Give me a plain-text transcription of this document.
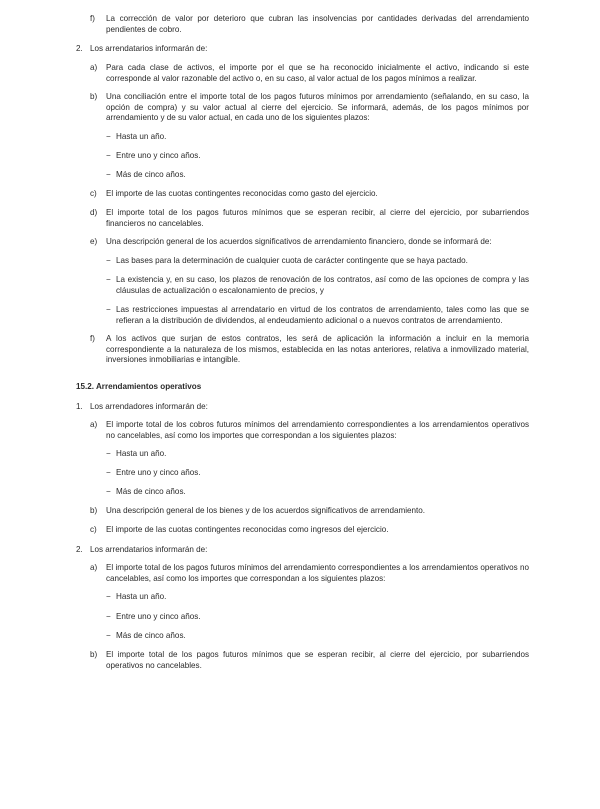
f)	La corrección de valor por deterioro que cubran las insolvencias por cantidades derivadas del arrendamiento pendientes de cobro.
2. Los arrendatarios informarán de:
a)	Para cada clase de activos, el importe por el que se ha reconocido inicialmente el activo, indicando si este corresponde al valor razonable del activo o, en su caso, al valor actual de los pagos mínimos a realizar.
b)	Una conciliación entre el importe total de los pagos futuros mínimos por arrendamiento (señalando, en su caso, la opción de compra) y su valor actual al cierre del ejercicio. Se informará, además, de los pagos mínimos por arrendamiento y de su valor actual, en cada uno de los siguientes plazos:
− Hasta un año.
− Entre uno y cinco años.
− Más de cinco años.
c)	El importe de las cuotas contingentes reconocidas como gasto del ejercicio.
d)	El importe total de los pagos futuros mínimos que se esperan recibir, al cierre del ejercicio, por subarriendos financieros no cancelables.
e)	Una descripción general de los acuerdos significativos de arrendamiento financiero, donde se informará de:
− Las bases para la determinación de cualquier cuota de carácter contingente que se haya pactado.
− La existencia y, en su caso, los plazos de renovación de los contratos, así como de las opciones de compra y las cláusulas de actualización o escalonamiento de precios, y
− Las restricciones impuestas al arrendatario en virtud de los contratos de arrendamiento, tales como las que se refieran a la distribución de dividendos, al endeudamiento adicional o a nuevos contratos de arrendamiento.
f)	A los activos que surjan de estos contratos, les será de aplicación la información a incluir en la memoria correspondiente a la naturaleza de los mismos, establecida en las notas anteriores, relativa a inmovilizado material, inversiones inmobiliarias e intangible.
15.2. Arrendamientos operativos
1. Los arrendadores informarán de:
a)	El importe total de los cobros futuros mínimos del arrendamiento correspondientes a los arrendamientos operativos no cancelables, así como los importes que correspondan a los siguientes plazos:
− Hasta un año.
− Entre uno y cinco años.
− Más de cinco años.
b)	Una descripción general de los bienes y de los acuerdos significativos de arrendamiento.
c)	El importe de las cuotas contingentes reconocidas como ingresos del ejercicio.
2. Los arrendatarios informarán de:
a)	El importe total de los pagos futuros mínimos del arrendamiento correspondientes a los arrendamientos operativos no cancelables, así como los importes que correspondan a los siguientes plazos:
− Hasta un año.
− Entre uno y cinco años.
− Más de cinco años.
b)	El importe total de los pagos futuros mínimos que se esperan recibir, al cierre del ejercicio, por subarriendos operativos no cancelables.
